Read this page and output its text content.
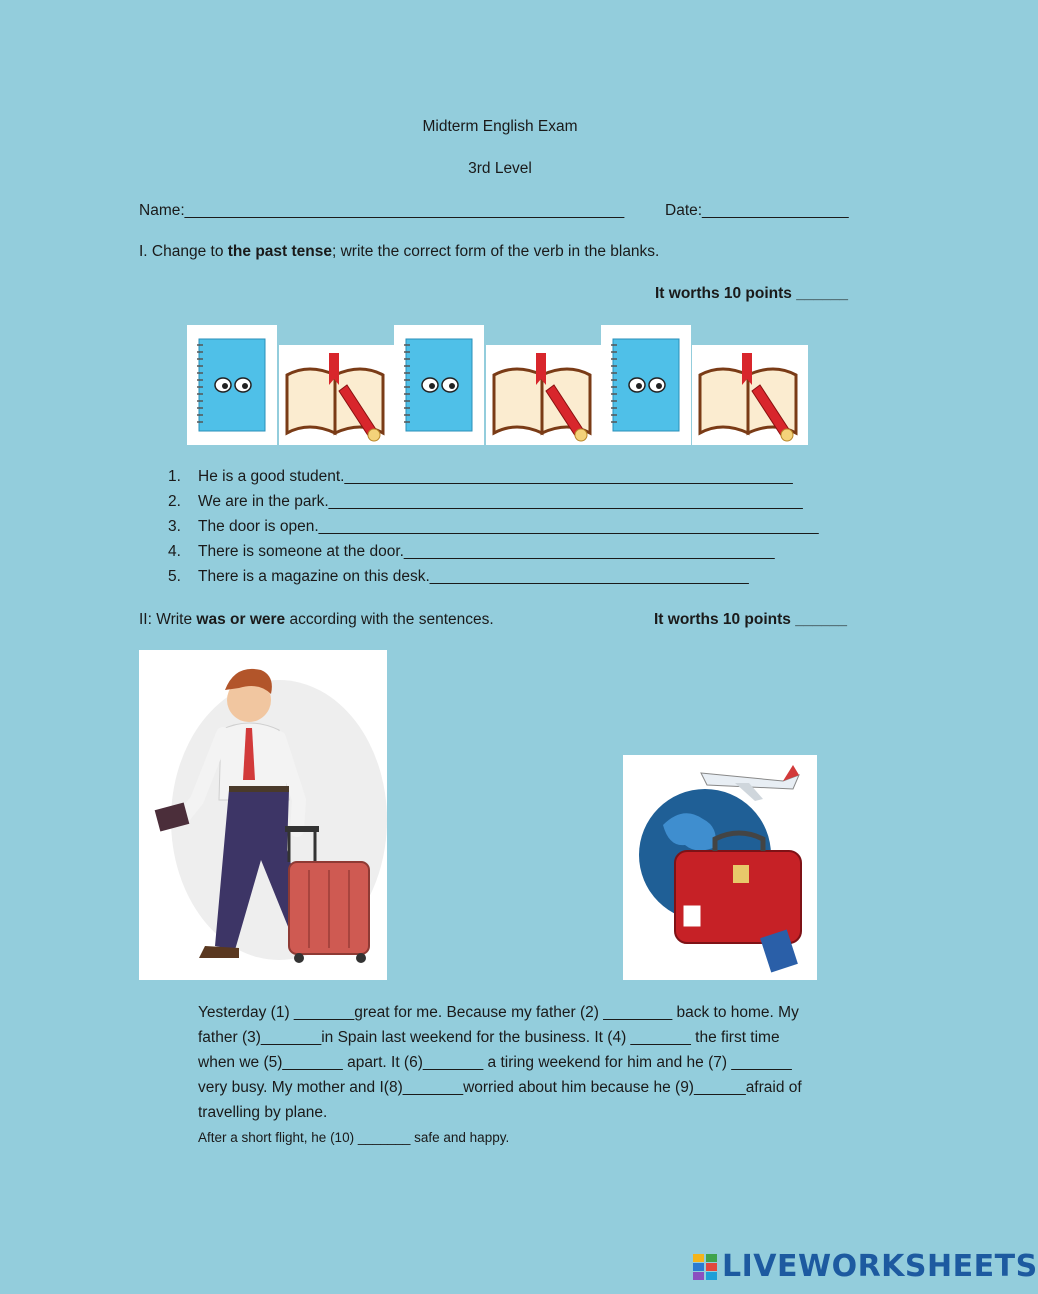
Midterm English Exam
3rd Level
Name:___________________________________________________	Date:_________________
I. Change to the past tense; write the correct form of the verb in the blanks.
It worths 10 points ______
1. He is a good student.____________________________________________________
2. We are in the park._______________________________________________________
3. The door is open.__________________________________________________________
4. There is someone at the door.___________________________________________
5. There is a magazine on this desk._____________________________________
II: Write was or were according with the sentences.	It worths 10 points ______
Yesterday (1) _______great for me. Because my father (2) ________ back to home. My
father (3)_______in Spain last weekend for the business. It (4) _______ the first time
when we (5)_______ apart. It (6)_______ a tiring weekend for him and he (7) _______
very busy. My mother and I(8)_______worried about him because he (9)______afraid of
travelling by plane.
After a short flight, he (10) _______ safe and happy.
LIVEWORKSHEETS
